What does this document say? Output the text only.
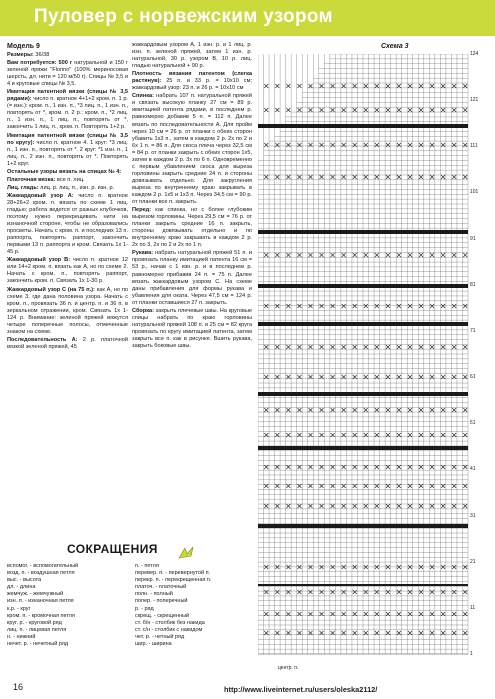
Пуловер с норвежским узором

Модель 9

Размеры: 36/38

Вам потребуется: 500 г натуральной и 150 г зеленой пряжи "Florino" (100% мериносовая шерсть, дл. нити = 120 м/50 г). Спицы № 3,5 и 4 и круговые спицы № 3,5.

Имитация патентной вязки (спицы № 3,5 рядами): число п. кратное 4+1+2 кром. п. 1 р. (= изн.): кром. п., 1 изн. п., *3 лиц. п., 1 изн. п., повторять от *, кром. п. 2 р.: кром. п., *2 лиц. п., 1 изн. п., 1 лиц. п., повторять от *, закончить 1 лиц. п., кром. п. Повторять 1+2 р.

Имитация патентной вязки (спицы № 3,5 по кругу): число п. кратное 4. 1 круг: *3 лиц. п., 1 изн. п., повторять от *. 2 круг: *1 изн. п., 1 лиц. п., 2 изн. п., повторять от *. Повторять 1+2 круг.

Остальные узоры вязать на спицах № 4:

Платочная вязка: все п. лиц.

Лиц. гладь: лиц. р. лиц. п., изн. р. изн. р.

Жаккардовый узор А: число п. кратное 28+26+2 кром. п. вязать по схеме 1 лиц. гладью; работа ведется от разных клубочков, поэтому нужно перекрещивать нити на изнаночной стороне, чтобы не образовались просветы. Начать с кром. п. и последних 13 п. раппорта, повторять раппорт, закончить первыми 13 п. раппорта и кром. Связать 1х 1-45 р.

Жаккардовый узор В: число п. кратное 12 или 14+2 кром. п. вязать как А, но по схеме 2. Начать с кром. п., повторять раппорт, закончить кром. п. Связать 1х 1-30 р.

Жаккардовый узор С (на 75 п.): как А, но по схеме 3, где дана половина узора. Начать с кром. п., провязать 36 п. и центр. п. и 36 п. в зеркальном отражении, кром. Связать 1х 1-124 р. Внимание: зеленой пряжей вяжутся четыре поперечные полосы, отмеченные знаком на схеме.

Последовательность А: 2 р. платочной вязкой зеленой пряжей, 45

жаккардовым узором А, 1 изн. р. и 1 лиц. р. изн. п. зеленой пряжей, затем 1 изн. р. натуральной, 30 р. узором В, 10 р. лиц. гладью натуральной + 90 р.

Плотность вязания патентом (слегка растянув): 25 п. и 33 р. = 10х10 см; жаккардовый узор: 23 п. и 26 р. = 10х10 см

Спинка: набрать 107 п. натуральной пряжей и связать высокую планку 27 см = 89 р. имитацией патента рядами, в последнем р. равномерно добавив 5 п. = 112 п. Далее вязать по последовательности А. Для пройм через 10 см = 26 р. от планки с обеих сторон убавить 1х3 п., затем в каждом 2 р. 2х по 2 и 6х 1 п. = 86 п. Для скоса плеча через 32,5 см = 84 р. от планки закрыть с обеих сторон 1х5, затем в каждом 2 р. 3х по 6 п. Одновременно с первым убавлением скоса для выреза горловины закрыть средние 24 п. и стороны довязывать отдельно. Для закругления выреза по внутреннему краю закрывать в каждом 2 р. 1х5 и 1х3 п. Через 34,5 см = 90 р. от планки все п. закрыть.

Перед: как спинка, но с более глубоким вырезом горловины. Через 29,5 см = 76 р. от планки закрыть средние 16 п. закрыть, стороны довязывать отдельно и по внутреннему краю закрывать в каждом 2 р. 2х по 3, 2х по 2 и 2х по 1 п.

Рукава: набрать натуральной пряжей 51 п. и провязать планку имитацией патента 16 см = 53 р., начав с 1 изн. р. и в последнем р. равномерно прибавив 24 п. = 75 п. Далее вязать жаккардовым узором С. На схеме даны прибавления для формы рукава и убавления для оката. Через 47,5 см = 124 р. от планки оставшиеся 27 п. закрыть.

Сборка: закрыть плечевые швы. На круговые спицы набрать по краю горловины натуральной пряжей 108 п. и 25 см = 82 круга провязать по кругу имитацией патента, затем закрыть все п. как в рисунке. Вшить рукава, закрыть боковые швы.

СОКРАЩЕНИЯ
вспомог. - вспомогательный
возд. п. - воздушная петля
выс. - высота
дл. - длина
жемчуж. - жемчужный
изн. п. - изнаночная петля
к.р. - круг
кром. п. - кромочная петля
круг. р. - круговой ряд
лиц. п. - лицевая петля
н. - нижний
нечет. р. - нечетный ряд
п. - петля
перевер. п. - перевернутой п.
перекр. п. - перекрещенная п.
платоч. - платочный
полн. - полный
попер. - поперечный
р. - ряд
скрещ. - скрещенный
ст. б/н - столбик без накида
ст. с/н - столбик с накидом
чет. р. - четный ряд
шир. - ширина
Схема 3
124
121
111
101
91
81
71
61
51
41
31
21
11
1
центр. п.
16	http://www.liveinternet.ru/users/oleska2112/
